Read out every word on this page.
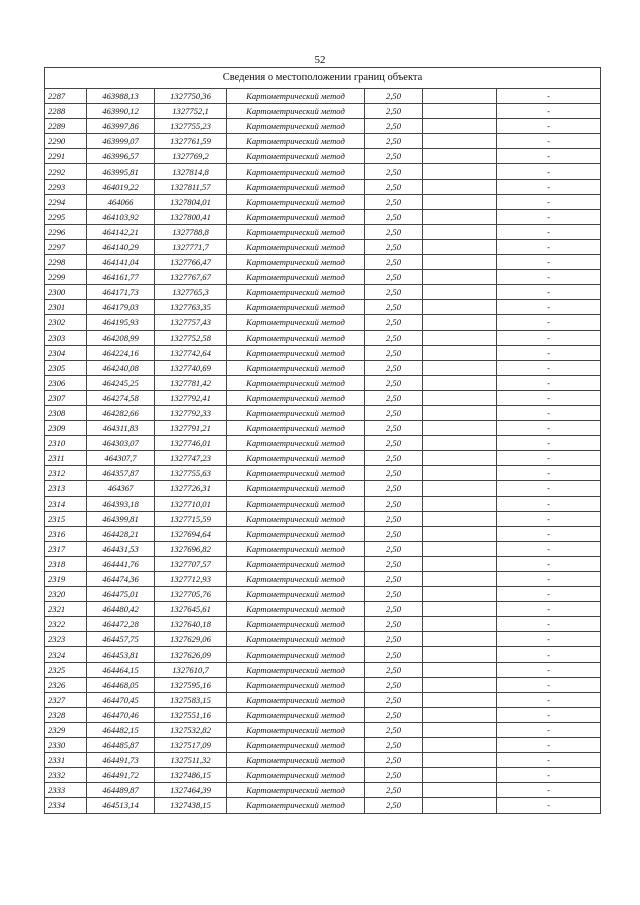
52
Сведения о местоположении границ объекта						
2287	463988,13	1327750,36	Картометрический метод	2,50		-
2288	463990,12	1327752,1	Картометрический метод	2,50		-
2289	463997,86	1327755,23	Картометрический метод	2,50		-
2290	463999,07	1327761,59	Картометрический метод	2,50		-
2291	463996,57	1327769,2	Картометрический метод	2,50		-
2292	463995,81	1327814,8	Картометрический метод	2,50		-
2293	464019,22	1327811,57	Картометрический метод	2,50		-
2294	464066	1327804,01	Картометрический метод	2,50		-
2295	464103,92	1327800,41	Картометрический метод	2,50		-
2296	464142,21	1327788,8	Картометрический метод	2,50		-
2297	464140,29	1327771,7	Картометрический метод	2,50		-
2298	464141,04	1327766,47	Картометрический метод	2,50		-
2299	464161,77	1327767,67	Картометрический метод	2,50		-
2300	464171,73	1327765,3	Картометрический метод	2,50		-
2301	464179,03	1327763,35	Картометрический метод	2,50		-
2302	464195,93	1327757,43	Картометрический метод	2,50		-
2303	464208,99	1327752,58	Картометрический метод	2,50		-
2304	464224,16	1327742,64	Картометрический метод	2,50		-
2305	464240,08	1327740,69	Картометрический метод	2,50		-
2306	464245,25	1327781,42	Картометрический метод	2,50		-
2307	464274,58	1327792,41	Картометрический метод	2,50		-
2308	464282,66	1327792,33	Картометрический метод	2,50		-
2309	464311,83	1327791,21	Картометрический метод	2,50		-
2310	464303,07	1327746,01	Картометрический метод	2,50		-
2311	464307,7	1327747,23	Картометрический метод	2,50		-
2312	464357,87	1327755,63	Картометрический метод	2,50		-
2313	464367	1327726,31	Картометрический метод	2,50		-
2314	464393,18	1327710,01	Картометрический метод	2,50		-
2315	464399,81	1327715,59	Картометрический метод	2,50		-
2316	464428,21	1327694,64	Картометрический метод	2,50		-
2317	464431,53	1327696,82	Картометрический метод	2,50		-
2318	464441,76	1327707,57	Картометрический метод	2,50		-
2319	464474,36	1327712,93	Картометрический метод	2,50		-
2320	464475,01	1327705,76	Картометрический метод	2,50		-
2321	464480,42	1327645,61	Картометрический метод	2,50		-
2322	464472,28	1327640,18	Картометрический метод	2,50		-
2323	464457,75	1327629,06	Картометрический метод	2,50		-
2324	464453,81	1327626,09	Картометрический метод	2,50		-
2325	464464,15	1327610,7	Картометрический метод	2,50		-
2326	464468,05	1327595,16	Картометрический метод	2,50		-
2327	464470,45	1327583,15	Картометрический метод	2,50		-
2328	464470,46	1327551,16	Картометрический метод	2,50		-
2329	464482,15	1327532,82	Картометрический метод	2,50		-
2330	464485,87	1327517,09	Картометрический метод	2,50		-
2331	464491,73	1327511,32	Картометрический метод	2,50		-
2332	464491,72	1327486,15	Картометрический метод	2,50		-
2333	464489,87	1327464,39	Картометрический метод	2,50		-
2334	464513,14	1327438,15	Картометрический метод	2,50		-
